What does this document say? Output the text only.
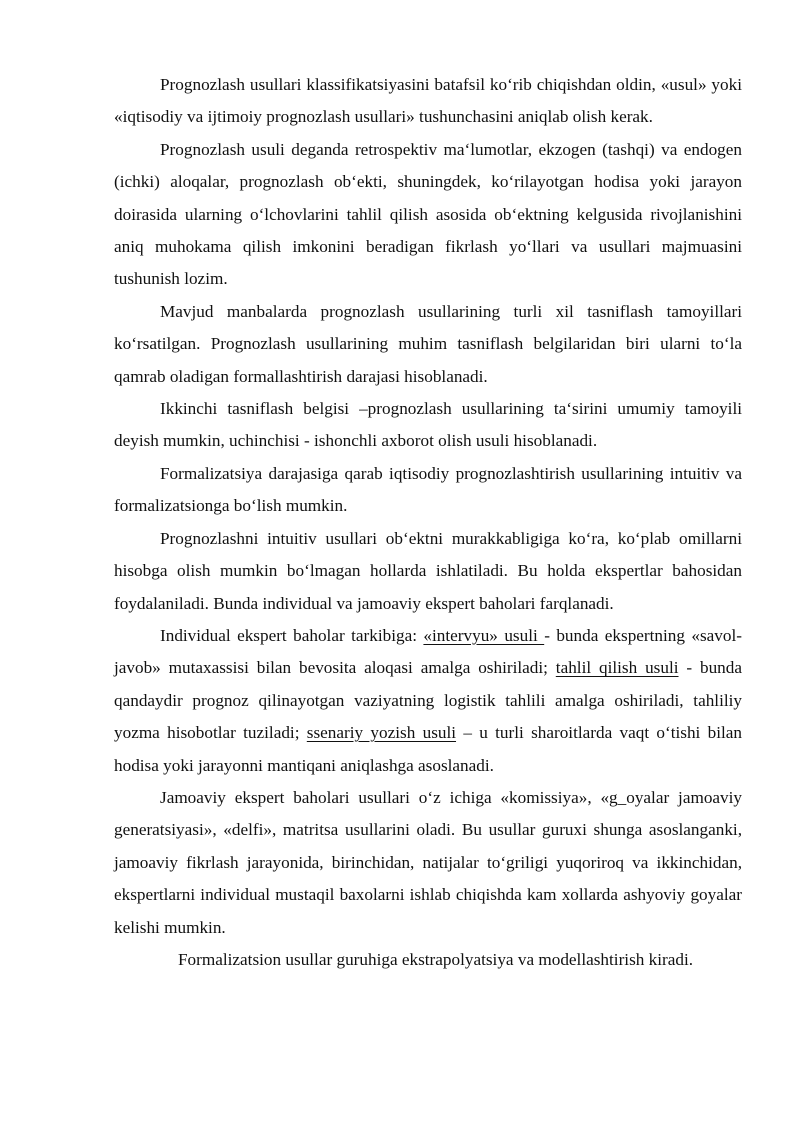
Prognozlash usullari klassifikatsiyasini batafsil ko‘rib chiqishdan oldin, «usul» yoki «iqtisodiy va ijtimoiy prognozlash usullari» tushunchasini aniqlab olish kerak.

Prognozlash usuli deganda retrospektiv ma‘lumotlar, ekzogen (tashqi) va endogen (ichki) aloqalar, prognozlash ob‘ekti, shuningdek, ko‘rilayotgan hodisa yoki jarayon doirasida ularning o‘lchovlarini tahlil qilish asosida ob‘ektning kelgusida rivojlanishini aniq muhokama qilish imkonini beradigan fikrlash yo‘llari va usullari majmuasini tushunish lozim.

Mavjud manbalarda prognozlash usullarining turli xil tasniflash tamoyillari ko‘rsatilgan. Prognozlash usullarining muhim tasniflash belgilaridan biri ularni to‘la qamrab oladigan formallashtirish darajasi hisoblanadi.

Ikkinchi tasniflash belgisi –prognozlash usullarining ta‘sirini umumiy tamoyili deyish mumkin, uchinchisi - ishonchli axborot olish usuli hisoblanadi.

Formalizatsiya darajasiga qarab iqtisodiy prognozlashtirish usullarining intuitiv va formalizatsionga bo‘lish mumkin.

Prognozlashni intuitiv usullari ob‘ektni murakkabligiga ko‘ra, ko‘plab omillarni hisobga olish mumkin bo‘lmagan hollarda ishlatiladi. Bu holda ekspertlar bahosidan foydalaniladi. Bunda individual va jamoaviy ekspert baholari farqlanadi.

Individual ekspert baholar tarkibiga: «intervyu» usuli - bunda ekspertning «savol-javob» mutaxassisi bilan bevosita aloqasi amalga oshiriladi; tahlil qilish usuli - bunda qandaydir prognoz qilinayotgan vaziyatning logistik tahlili amalga oshiriladi, tahliliy yozma hisobotlar tuziladi; ssenariy yozish usuli – u turli sharoitlarda vaqt o‘tishi bilan hodisa yoki jarayonni mantiqani aniqlashga asoslanadi.

Jamoaviy ekspert baholari usullari o‘z ichiga «komissiya», «g_oyalar jamoaviy generatsiyasi», «delfi», matritsa usullarini oladi. Bu usullar guruxi shunga asoslanganki, jamoaviy fikrlash jarayonida, birinchidan, natijalar to‘griligi yuqoriroq va ikkinchidan, ekspertlarni individual mustaqil baxolarni ishlab chiqishda kam xollarda ashyoviy goyalar kelishi mumkin.

Formalizatsion usullar guruhiga ekstrapolyatsiya va modellashtirish kiradi.
